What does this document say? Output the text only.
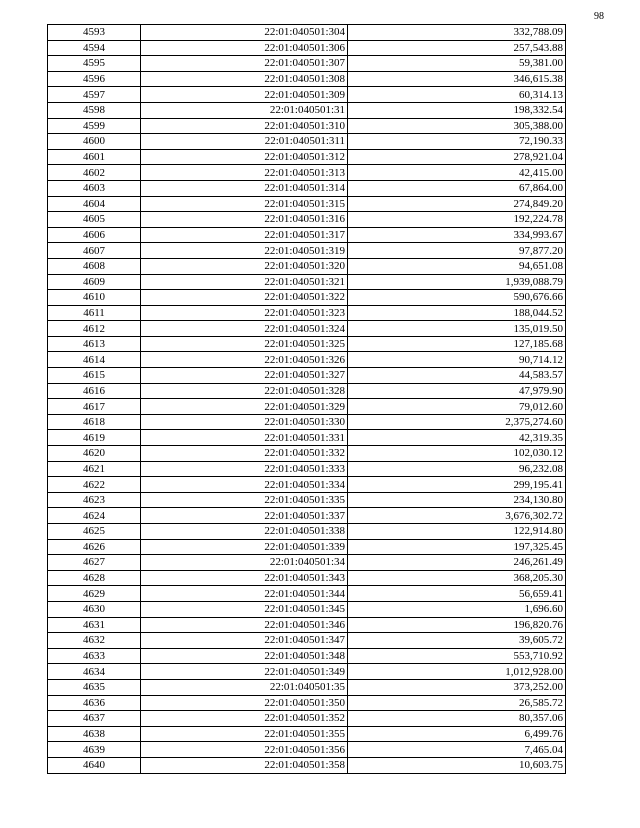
98
4593	22:01:040501:304	332,788.09
4594	22:01:040501:306	257,543.88
4595	22:01:040501:307	59,381.00
4596	22:01:040501:308	346,615.38
4597	22:01:040501:309	60,314.13
4598	22:01:040501:31	198,332.54
4599	22:01:040501:310	305,388.00
4600	22:01:040501:311	72,190.33
4601	22:01:040501:312	278,921.04
4602	22:01:040501:313	42,415.00
4603	22:01:040501:314	67,864.00
4604	22:01:040501:315	274,849.20
4605	22:01:040501:316	192,224.78
4606	22:01:040501:317	334,993.67
4607	22:01:040501:319	97,877.20
4608	22:01:040501:320	94,651.08
4609	22:01:040501:321	1,939,088.79
4610	22:01:040501:322	590,676.66
4611	22:01:040501:323	188,044.52
4612	22:01:040501:324	135,019.50
4613	22:01:040501:325	127,185.68
4614	22:01:040501:326	90,714.12
4615	22:01:040501:327	44,583.57
4616	22:01:040501:328	47,979.90
4617	22:01:040501:329	79,012.60
4618	22:01:040501:330	2,375,274.60
4619	22:01:040501:331	42,319.35
4620	22:01:040501:332	102,030.12
4621	22:01:040501:333	96,232.08
4622	22:01:040501:334	299,195.41
4623	22:01:040501:335	234,130.80
4624	22:01:040501:337	3,676,302.72
4625	22:01:040501:338	122,914.80
4626	22:01:040501:339	197,325.45
4627	22:01:040501:34	246,261.49
4628	22:01:040501:343	368,205.30
4629	22:01:040501:344	56,659.41
4630	22:01:040501:345	1,696.60
4631	22:01:040501:346	196,820.76
4632	22:01:040501:347	39,605.72
4633	22:01:040501:348	553,710.92
4634	22:01:040501:349	1,012,928.00
4635	22:01:040501:35	373,252.00
4636	22:01:040501:350	26,585.72
4637	22:01:040501:352	80,357.06
4638	22:01:040501:355	6,499.76
4639	22:01:040501:356	7,465.04
4640	22:01:040501:358	10,603.75
